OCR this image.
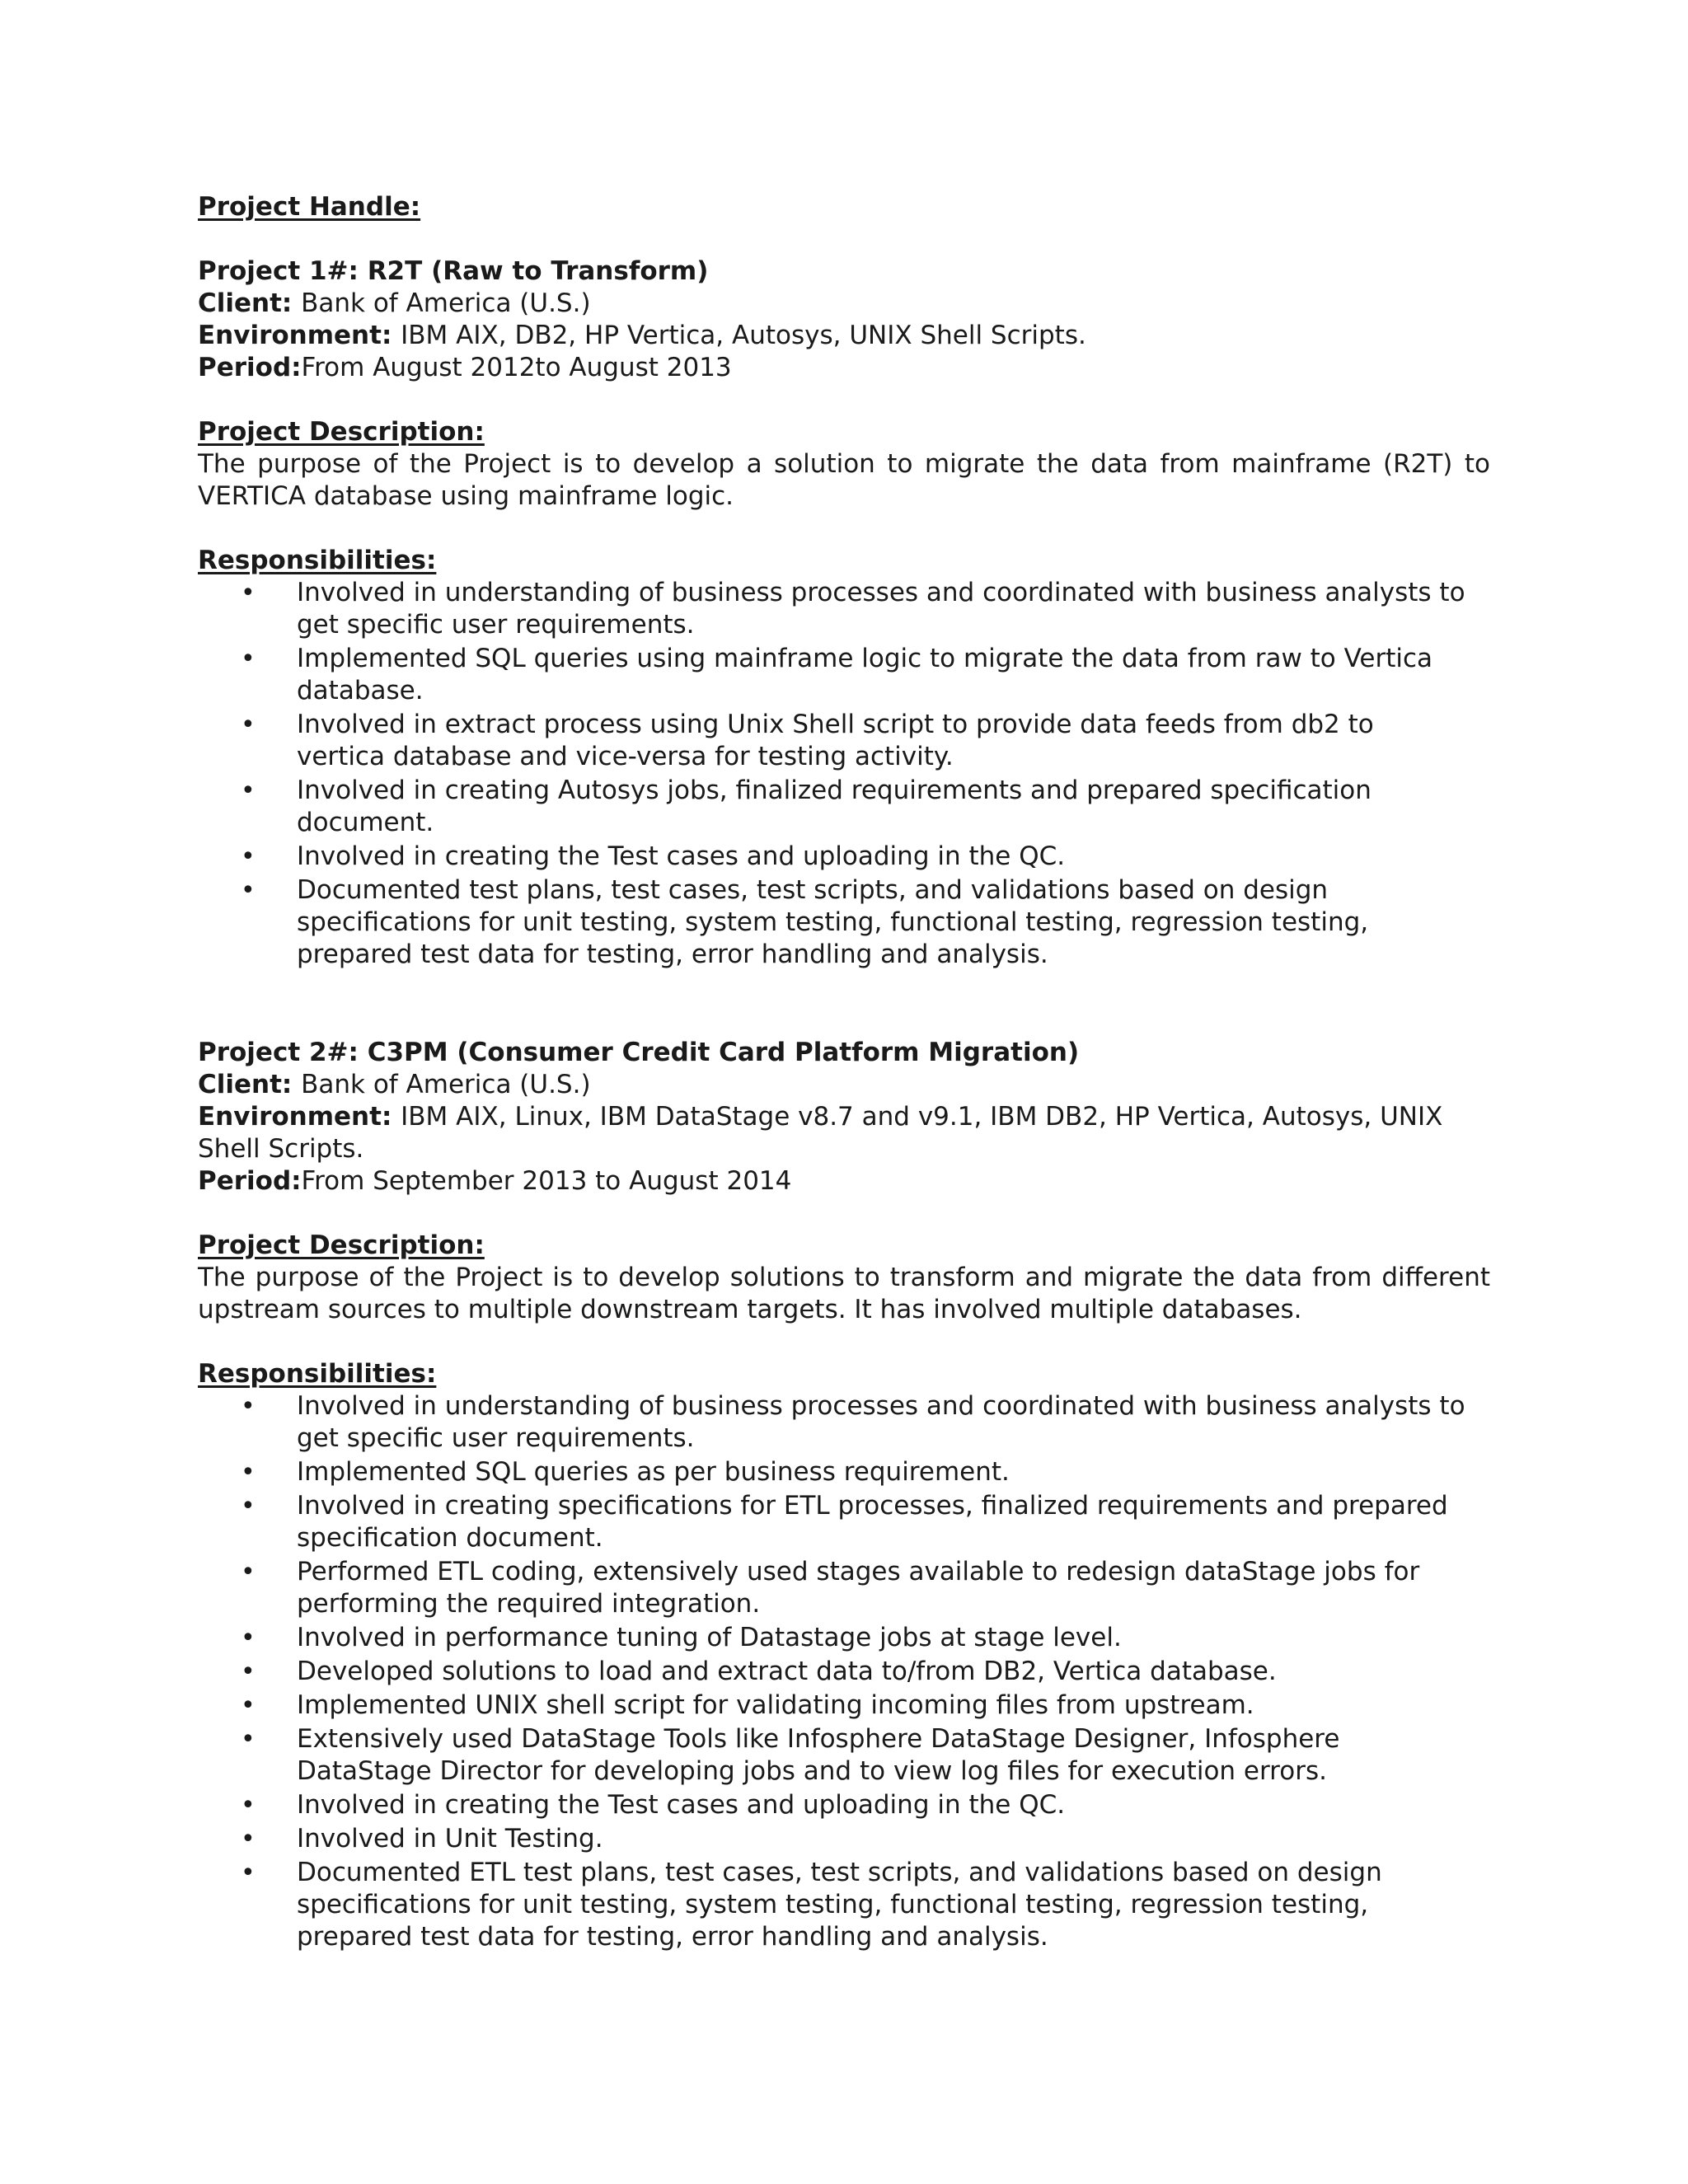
Project Handle:
Project 1#: R2T (Raw to Transform)
Client: Bank of America (U.S.)
Environment: IBM AIX, DB2, HP Vertica, Autosys, UNIX Shell Scripts.
Period:From August 2012to August 2013
Project Description:
The purpose of the Project is to develop a solution to migrate the data from mainframe (R2T) to VERTICA database using mainframe logic.
Responsibilities:
• Involved in understanding of business processes and coordinated with business analysts to get specific user requirements.
• Implemented SQL queries using mainframe logic to migrate the data from raw to Vertica database.
• Involved in extract process using Unix Shell script to provide data feeds from db2 to vertica database and vice-versa for testing activity.
• Involved in creating Autosys jobs, finalized requirements and prepared specification document.
• Involved in creating the Test cases and uploading in the QC.
• Documented test plans, test cases, test scripts, and validations based on design specifications for unit testing, system testing, functional testing, regression testing, prepared test data for testing, error handling and analysis.
Project 2#: C3PM (Consumer Credit Card Platform Migration)
Client: Bank of America (U.S.)
Environment: IBM AIX, Linux, IBM DataStage v8.7 and v9.1, IBM DB2, HP Vertica, Autosys, UNIX Shell Scripts.
Period:From September 2013 to August 2014
Project Description:
The purpose of the Project is to develop solutions to transform and migrate the data from different upstream sources to multiple downstream targets. It has involved multiple databases.
Responsibilities:
• Involved in understanding of business processes and coordinated with business analysts to get specific user requirements.
• Implemented SQL queries as per business requirement.
• Involved in creating specifications for ETL processes, finalized requirements and prepared specification document.
• Performed ETL coding, extensively used stages available to redesign dataStage jobs for performing the required integration.
• Involved in performance tuning of Datastage jobs at stage level.
• Developed solutions to load and extract data to/from DB2, Vertica database.
• Implemented UNIX shell script for validating incoming files from upstream.
• Extensively used DataStage Tools like Infosphere DataStage Designer, Infosphere DataStage Director for developing jobs and to view log files for execution errors.
• Involved in creating the Test cases and uploading in the QC.
• Involved in Unit Testing.
• Documented ETL test plans, test cases, test scripts, and validations based on design specifications for unit testing, system testing, functional testing, regression testing, prepared test data for testing, error handling and analysis.
